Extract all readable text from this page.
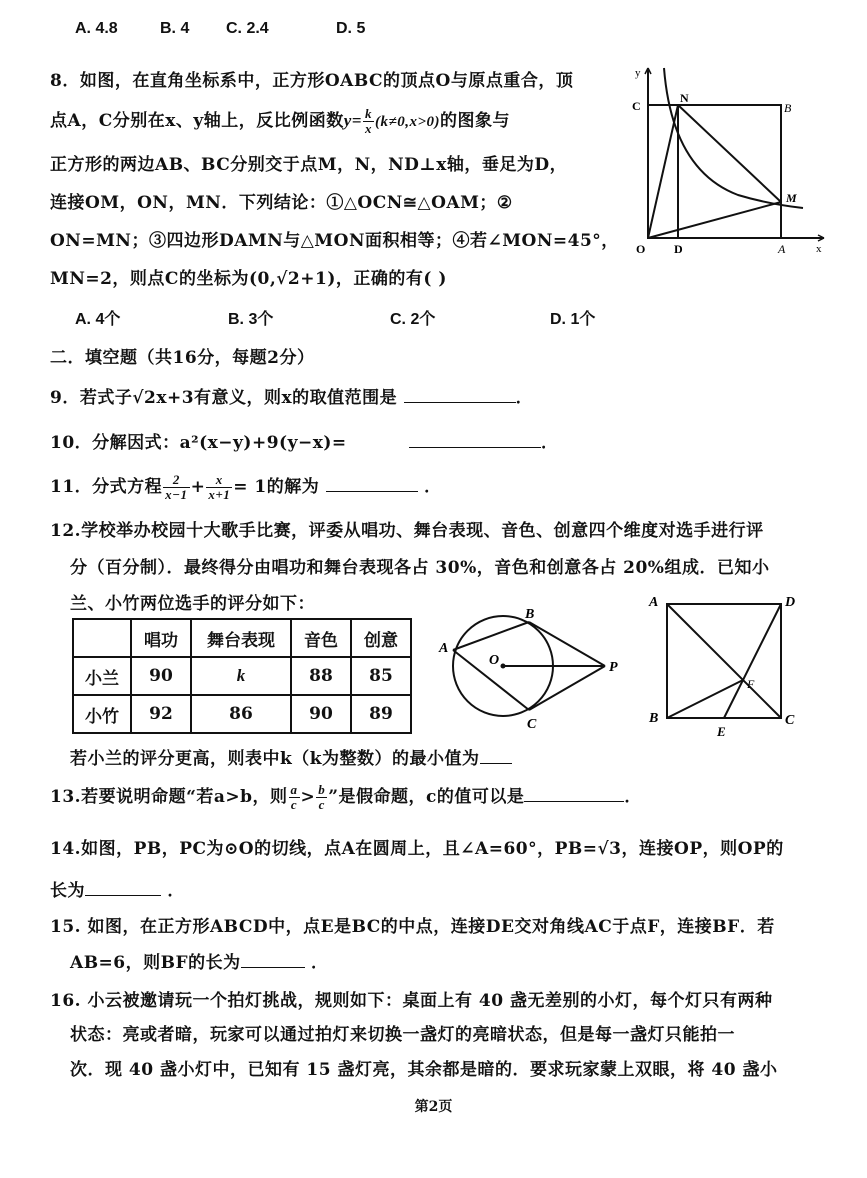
A. 4.8	B. 4 C. 2.4	D. 5
8．如图，在直角坐标系中，正方形OABC的顶点O与原点重合，顶
点A，C分别在x、y轴上，反比例函数$y= \frac{k}{x} (k\ne 0,x>0)$的图象与
正方形的两边AB、BC分别交于点M，N，ND⊥x轴，垂足为D，
连接OM，ON，MN．下列结论：①△OCN≅△OAM；②
ON=MN；③四边形DAMN与△MON面积相等；④若∠MON=45°，
MN=2，则点C的坐标为(0,√2+1)，正确的有( )
A. 4个	B. 3个	C. 2个	D. 1个
y
C
N
B
M
O D	A	x
二．填空题（共16分，每题2分）
9．若式子√2x+3有意义，则x的取值范围是	．
10．分解因式：a²(x−y)+9(y−x)=	．
11．分式方程 $\frac{2}{x-1} + \frac{x}{x+1} = 1$的解为	．
12.学校举办校园十大歌手比赛，评委从唱功、舞台表现、音色、创意四个维度对选手进行评
分（百分制）．最终得分由唱功和舞台表现各占 30%，音色和创意各占 20%组成．已知小
兰、小竹两位选手的评分如下：
	唱功	舞台表现	音色	创意
小兰	90	k	88	85
小竹	92	86	90	89
A
B
O	P
C
A	D
B	C
E
F
若小兰的评分更高，则表中k（k为整数）的最小值为
13.若要说明命题“若a>b，则 $\frac{a}{c} > \frac{b}{c}$ ”是假命题，c的值可以是	．
14.如图，PB，PC为⊙O的切线，点A在圆周上，且∠A=60°，PB=√3，连接OP，则OP的
长为	．
15. 如图，在正方形ABCD中，点E是BC的中点，连接DE交对角线AC于点F，连接BF．若
AB=6，则BF的长为	．
16. 小云被邀请玩一个拍灯挑战，规则如下：桌面上有 40 盏无差别的小灯，每个灯只有两种
状态：亮或者暗，玩家可以通过拍灯来切换一盏灯的亮暗状态，但是每一盏灯只能拍一
次．现 40 盏小灯中，已知有 15 盏灯亮，其余都是暗的．要求玩家蒙上双眼，将 40 盏小
第2页
